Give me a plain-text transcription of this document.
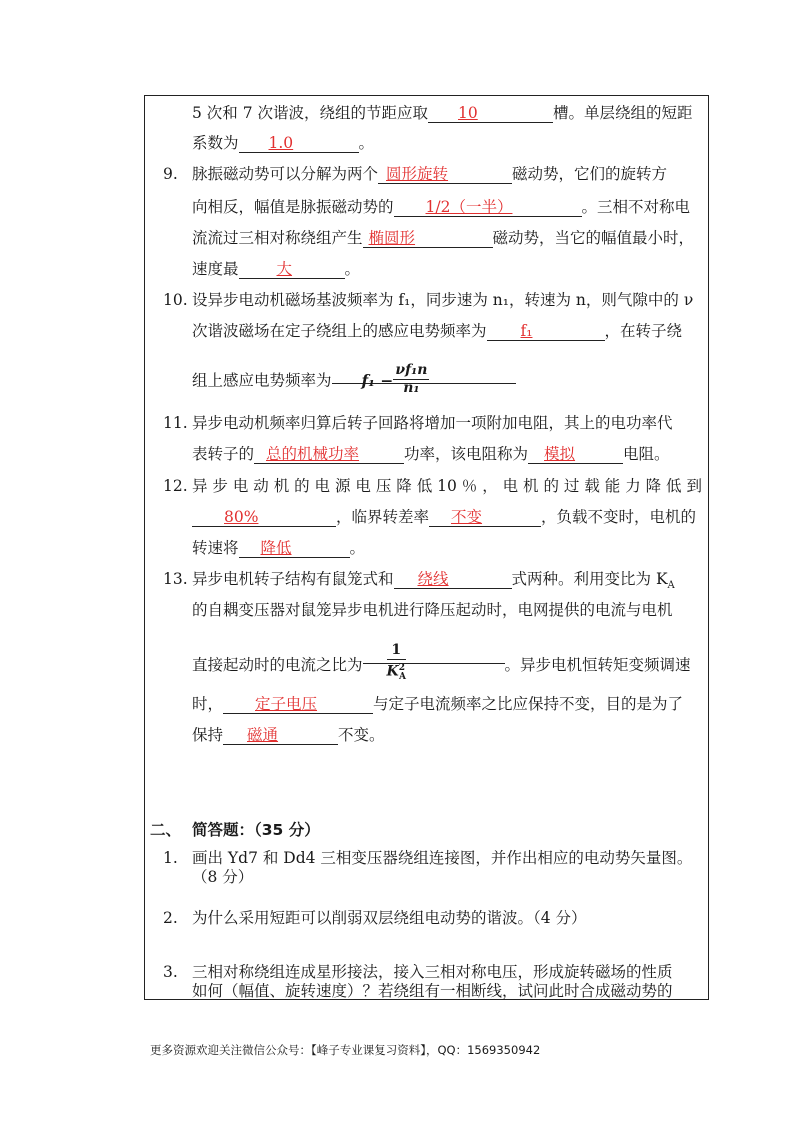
5 次和 7 次谐波，绕组的节距应取 10	槽。单层绕组的短距
系数为 1.0	。
9. 脉振磁动势可以分解为两个 圆形旋转	磁动势，它们的旋转方
向相反，幅值是脉振磁动势的 1/2（一半）	。三相不对称电
流流过三相对称绕组产生 椭圆形	磁动势，当它的幅值最小时，
速度最 大	。
10. 设异步电动机磁场基波频率为 f₁，同步速为 n₁，转速为 n，则气隙中的 ν
次谐波磁场在定子绕组上的感应电势频率为 f₁	，在转子绕
组上感应电势频率为 $f_1 - \frac{\text{νf₁n}}{\text{n₁}}$
11. 异步电动机频率归算后转子回路将增加一项附加电阻，其上的电功率代
表转子的 总的机械功率	功率，该电阻称为 模拟	电阻。
12. 异 步 电 动 机 的 电 源 电 压 降 低 10 ％ ， 电 机 的 过 载 能 力 降 低 到
80%	，临界转差率 不变	，负载不变时，电机的
转速将 降低	。
13. 异步电机转子结构有鼠笼式和 绕线	式两种。利用变比为 $K_A$
的自耦变压器对鼠笼异步电机进行降压起动时，电网提供的电流与电机
直接起动时的电流之比为 $\frac{1}{K^2_A}$	。异步电机恒转矩变频调速
时， 定子电压	与定子电流频率之比应保持不变，目的是为了
保持 磁通	不变。
二、 简答题：（35 分）
1. 画出 Yd7 和 Dd4 三相变压器绕组连接图，并作出相应的电动势矢量图。
（8 分）
2. 为什么采用短距可以削弱双层绕组电动势的谐波。（4 分）
3. 三相对称绕组连成星形接法，接入三相对称电压，形成旋转磁场的性质
如何（幅值、旋转速度）？若绕组有一相断线，试问此时合成磁动势的
更多资源欢迎关注微信公众号：【峰子专业课复习资料】，QQ：1569350942
